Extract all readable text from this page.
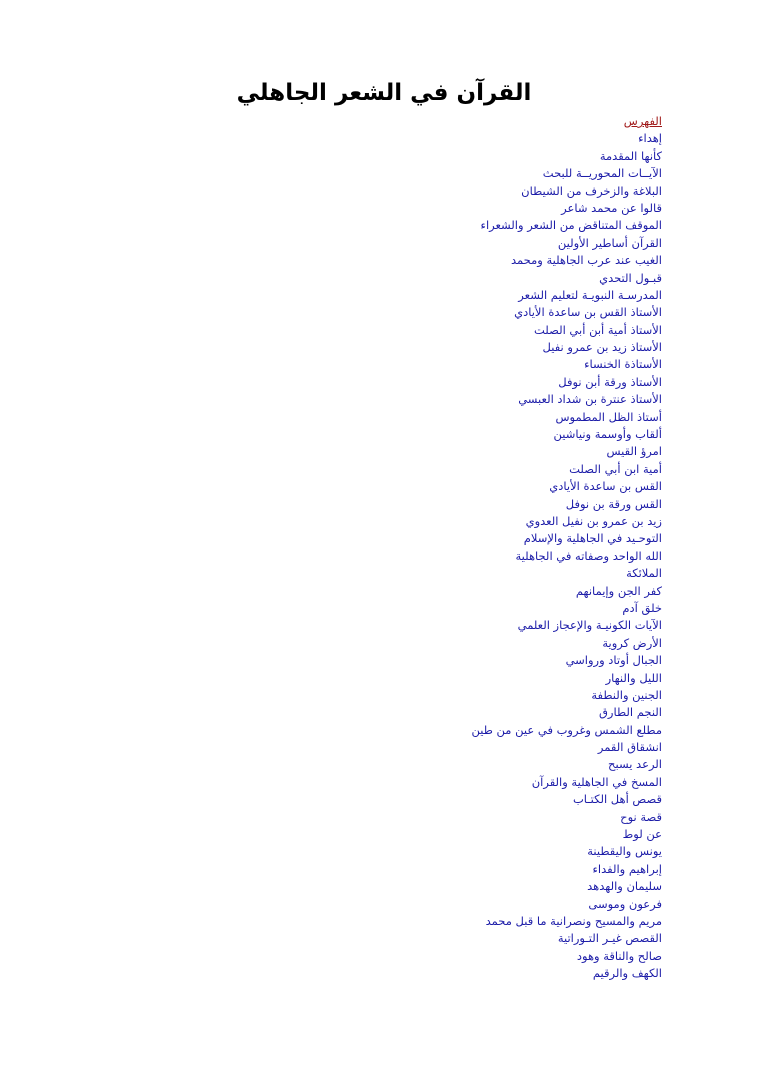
القرآن في الشعر الجاهلي
الفهرس
إهداء
كأنها المقدمة
الآيــات المحوريــة للبحث
البلاغة والزخرف من الشيطان
قالوا عن محمد شاعر
الموقف المتناقض من الشعر والشعراء
القرآن أساطير الأولين
الغيب عند عرب الجاهلية ومحمد
قبـول التحدي
المدرسـة النبويـة لتعليم الشعر
الأستاذ القس بن ساعدة الأيادي
الأستاذ أمية أبن أبي الصلت
الأستاذ زيد بن عمرو نفيل
الأستاذة الخنساء
الأستاذ ورقة أبن نوفل
الأستاذ عنترة بن شداد العبسي
أستاذ الظل المطموس
ألقاب وأوسمة ونياشين
امرؤ القيس
أمية ابن أبي الصلت
القس بن ساعدة الأيادي
القس ورقة بن نوفل
زيد بن عمرو بن نفيل العدوي
التوحـيد في الجاهلية والإسلام
الله الواحد وصفاته في الجاهلية
الملائكة
كفر الجن وإيمانهم
خلق آدم
الآيات الكونيـة والإعجاز العلمي
الأرض كروية
الجبال أوتاد ورواسي
الليل والنهار
الجنين والنطفة
النجم الطارق
مطلع الشمس وغروب في عين من طين
انشقاق القمر
الرعد يسبح
المسخ في الجاهلية والقرآن
قصص أهل الكتـاب
قصة نوح
عن لوط
يونس واليقطينة
إبراهيم والفداء
سليمان والهدهد
فرعون وموسى
مريم والمسيح ونصرانية ما قبل محمد
القصص غيـر التـوراتية
صالح والناقة وهود
الكهف والرقيم
